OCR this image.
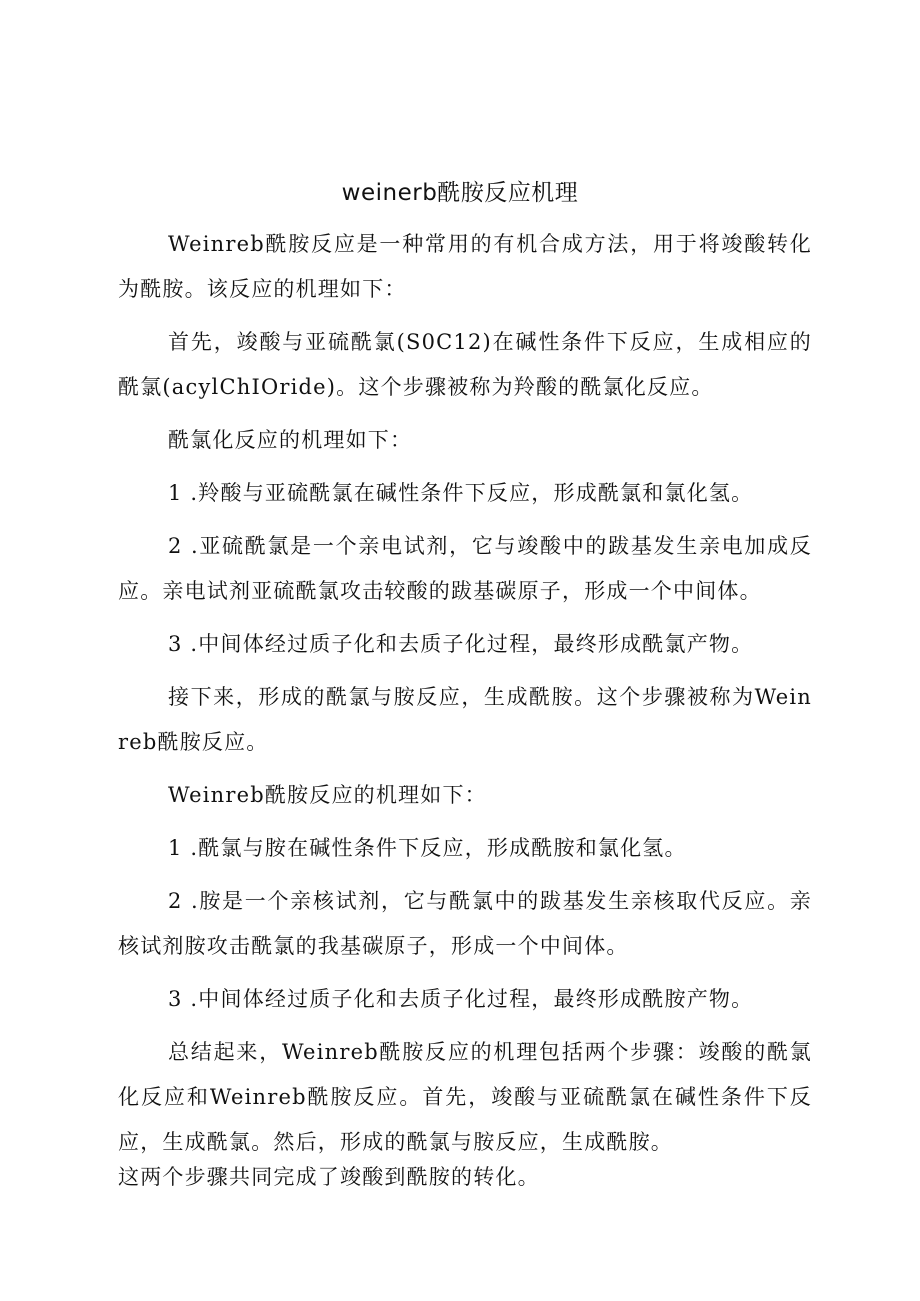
weinerb酰胺反应机理

Weinreb酰胺反应是一种常用的有机合成方法，用于将竣酸转化为酰胺。该反应的机理如下：

首先，竣酸与亚硫酰氯(S0C12)在碱性条件下反应，生成相应的酰氯(acylChIOride)。这个步骤被称为羚酸的酰氯化反应。

酰氯化反应的机理如下：

1 .羚酸与亚硫酰氯在碱性条件下反应，形成酰氯和氯化氢。

2 .亚硫酰氯是一个亲电试剂，它与竣酸中的跋基发生亲电加成反应。亲电试剂亚硫酰氯攻击较酸的跋基碳原子，形成一个中间体。

3 .中间体经过质子化和去质子化过程，最终形成酰氯产物。

接下来，形成的酰氯与胺反应，生成酰胺。这个步骤被称为Weinreb酰胺反应。

Weinreb酰胺反应的机理如下：

1 .酰氯与胺在碱性条件下反应，形成酰胺和氯化氢。

2 .胺是一个亲核试剂，它与酰氯中的跋基发生亲核取代反应。亲核试剂胺攻击酰氯的我基碳原子，形成一个中间体。

3 .中间体经过质子化和去质子化过程，最终形成酰胺产物。

总结起来，Weinreb酰胺反应的机理包括两个步骤：竣酸的酰氯化反应和Weinreb酰胺反应。首先，竣酸与亚硫酰氯在碱性条件下反应，生成酰氯。然后，形成的酰氯与胺反应，生成酰胺。

这两个步骤共同完成了竣酸到酰胺的转化。
